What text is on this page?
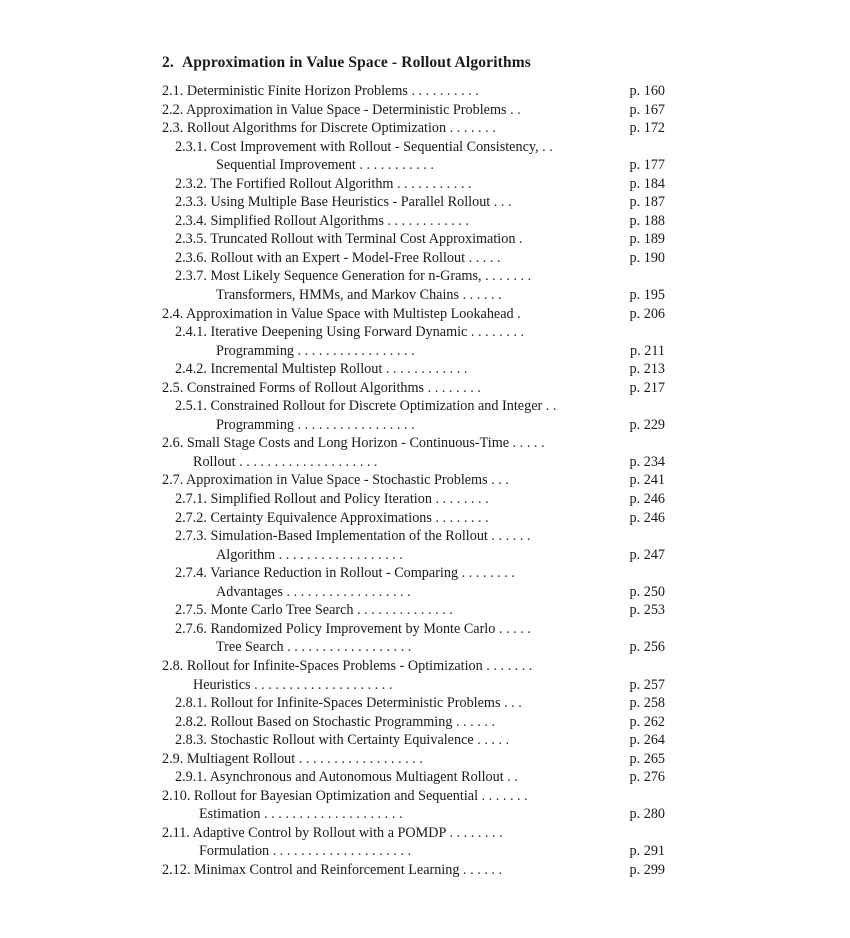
2. Approximation in Value Space - Rollout Algorithms
2.1. Deterministic Finite Horizon Problems . . . . . . . . . .	p. 160
2.2. Approximation in Value Space - Deterministic Problems . .	p. 167
2.3. Rollout Algorithms for Discrete Optimization . . . . . . .	p. 172
2.3.1. Cost Improvement with Rollout - Sequential Consistency, . .
Sequential Improvement . . . . . . . . . . .	p. 177
2.3.2. The Fortified Rollout Algorithm . . . . . . . . . . .	p. 184
2.3.3. Using Multiple Base Heuristics - Parallel Rollout . . .	p. 187
2.3.4. Simplified Rollout Algorithms . . . . . . . . . . . .	p. 188
2.3.5. Truncated Rollout with Terminal Cost Approximation .	p. 189
2.3.6. Rollout with an Expert - Model-Free Rollout . . . . .	p. 190
2.3.7. Most Likely Sequence Generation for n-Grams, . . . . . . .
Transformers, HMMs, and Markov Chains . . . . . .	p. 195
2.4. Approximation in Value Space with Multistep Lookahead .	p. 206
2.4.1. Iterative Deepening Using Forward Dynamic . . . . . . . .
Programming . . . . . . . . . . . . . . . . .	p. 211
2.4.2. Incremental Multistep Rollout . . . . . . . . . . . .	p. 213
2.5. Constrained Forms of Rollout Algorithms . . . . . . . .	p. 217
2.5.1. Constrained Rollout for Discrete Optimization and Integer . .
Programming . . . . . . . . . . . . . . . . .	p. 229
2.6. Small Stage Costs and Long Horizon - Continuous-Time . . . . .
Rollout . . . . . . . . . . . . . . . . . . . .	p. 234
2.7. Approximation in Value Space - Stochastic Problems . . .	p. 241
2.7.1. Simplified Rollout and Policy Iteration . . . . . . . .	p. 246
2.7.2. Certainty Equivalence Approximations . . . . . . . .	p. 246
2.7.3. Simulation-Based Implementation of the Rollout . . . . . .
Algorithm . . . . . . . . . . . . . . . . . .	p. 247
2.7.4. Variance Reduction in Rollout - Comparing . . . . . . . .
Advantages . . . . . . . . . . . . . . . . . .	p. 250
2.7.5. Monte Carlo Tree Search . . . . . . . . . . . . . .	p. 253
2.7.6. Randomized Policy Improvement by Monte Carlo . . . . .
Tree Search . . . . . . . . . . . . . . . . . .	p. 256
2.8. Rollout for Infinite-Spaces Problems - Optimization . . . . . . .
Heuristics . . . . . . . . . . . . . . . . . . . .	p. 257
2.8.1. Rollout for Infinite-Spaces Deterministic Problems . . .	p. 258
2.8.2. Rollout Based on Stochastic Programming . . . . . .	p. 262
2.8.3. Stochastic Rollout with Certainty Equivalence . . . . .	p. 264
2.9. Multiagent Rollout . . . . . . . . . . . . . . . . . .	p. 265
2.9.1. Asynchronous and Autonomous Multiagent Rollout . .	p. 276
2.10. Rollout for Bayesian Optimization and Sequential . . . . . . .
Estimation . . . . . . . . . . . . . . . . . . . .	p. 280
2.11. Adaptive Control by Rollout with a POMDP . . . . . . . .
Formulation . . . . . . . . . . . . . . . . . . . .	p. 291
2.12. Minimax Control and Reinforcement Learning . . . . . .	p. 299
